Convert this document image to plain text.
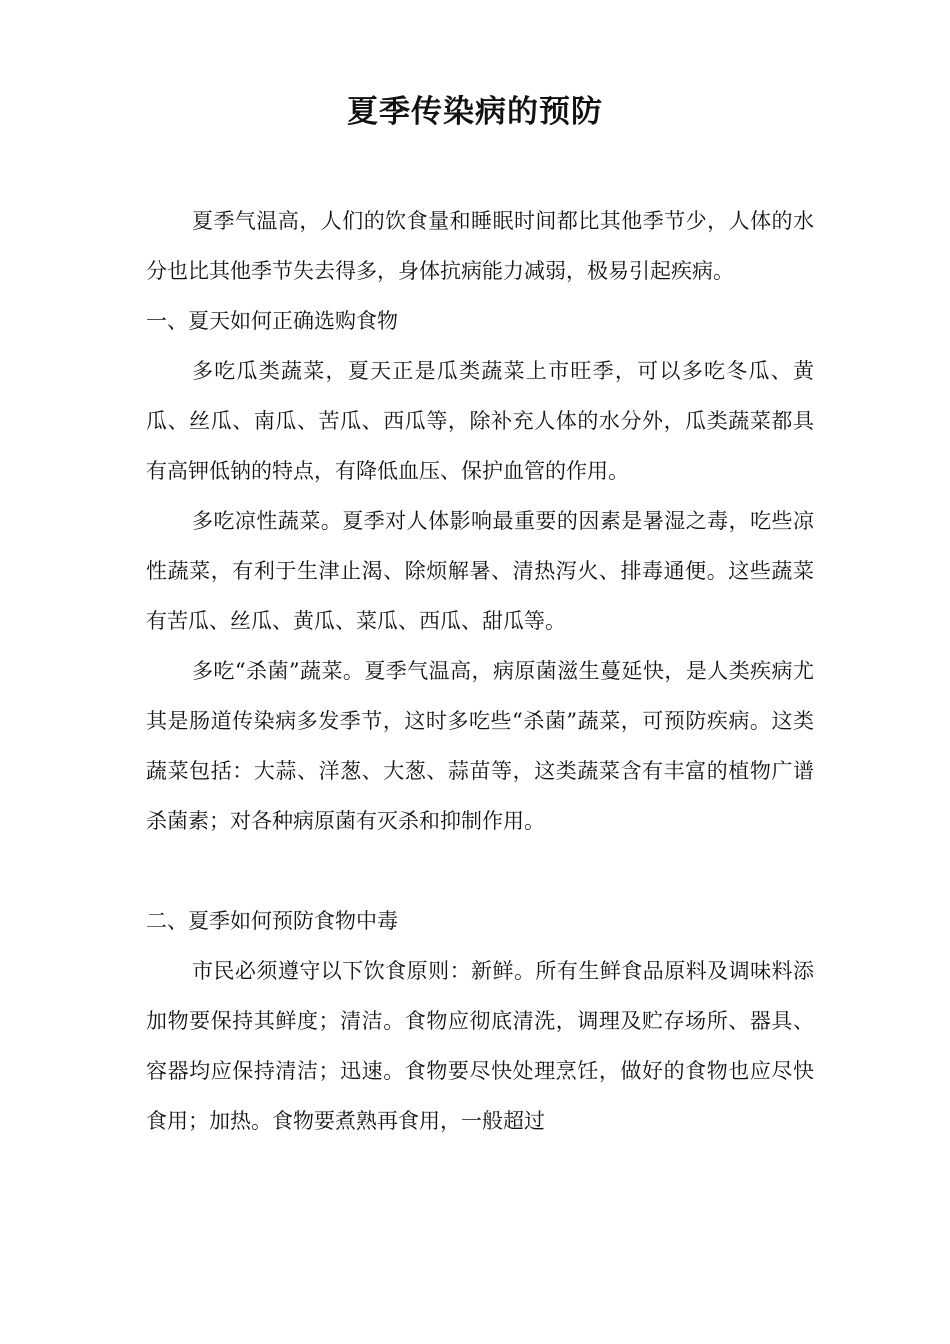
夏季传染病的预防

夏季气温高，人们的饮食量和睡眠时间都比其他季节少，人体的水分也比其他季节失去得多，身体抗病能力减弱，极易引起疾病。

一、夏天如何正确选购食物

多吃瓜类蔬菜，夏天正是瓜类蔬菜上市旺季，可以多吃冬瓜、黄瓜、丝瓜、南瓜、苦瓜、西瓜等，除补充人体的水分外，瓜类蔬菜都具有高钾低钠的特点，有降低血压、保护血管的作用。

多吃凉性蔬菜。夏季对人体影响最重要的因素是暑湿之毒，吃些凉性蔬菜，有利于生津止渴、除烦解暑、清热泻火、排毒通便。这些蔬菜有苦瓜、丝瓜、黄瓜、菜瓜、西瓜、甜瓜等。

多吃“杀菌”蔬菜。夏季气温高，病原菌滋生蔓延快，是人类疾病尤其是肠道传染病多发季节，这时多吃些“杀菌”蔬菜，可预防疾病。这类蔬菜包括：大蒜、洋葱、大葱、蒜苗等，这类蔬菜含有丰富的植物广谱杀菌素；对各种病原菌有灭杀和抑制作用。

二、夏季如何预防食物中毒

市民必须遵守以下饮食原则：新鲜。所有生鲜食品原料及调味料添加物要保持其鲜度；清洁。食物应彻底清洗，调理及贮存场所、器具、容器均应保持清洁；迅速。食物要尽快处理烹饪，做好的食物也应尽快食用；加热。食物要煮熟再食用，一般超过
